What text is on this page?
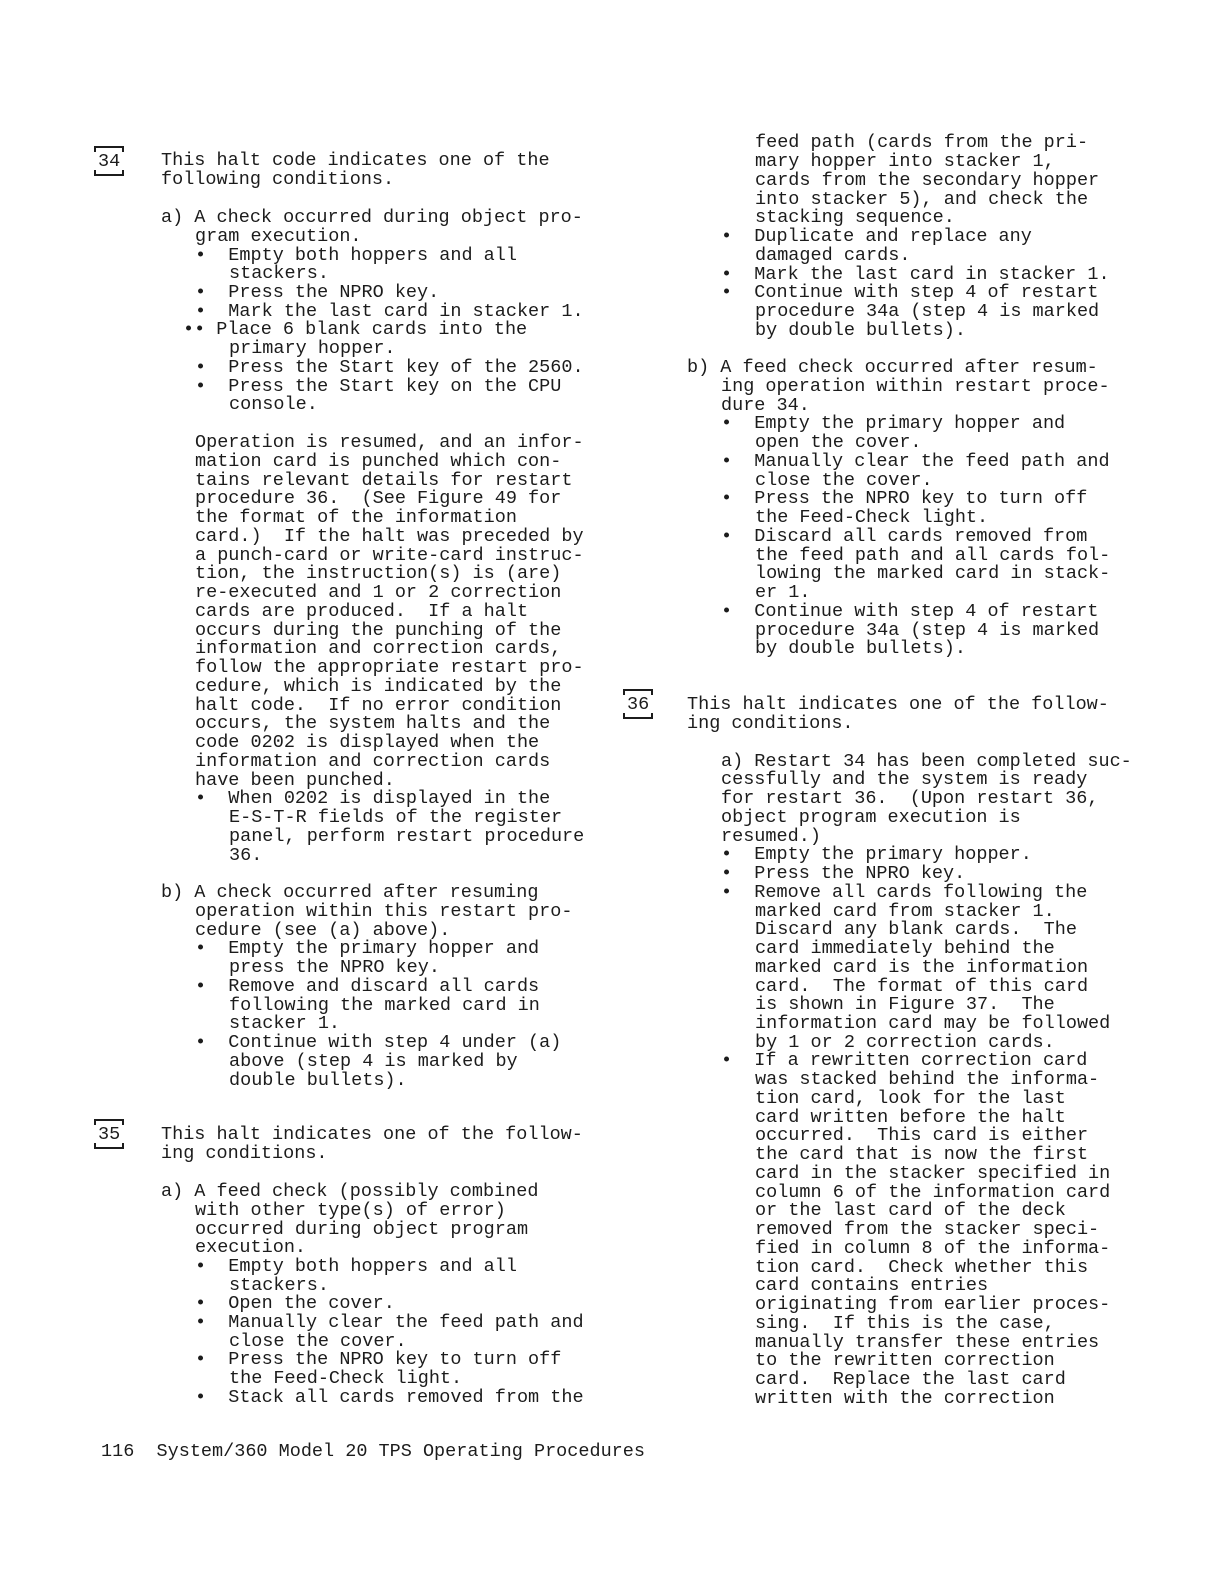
34
35
36
This halt code indicates one of the
following conditions.
a) A check occurred during object pro-
gram execution.
•  Empty both hoppers and all
stackers.
•  Press the NPRO key.
•  Mark the last card in stacker 1.
•• Place 6 blank cards into the
primary hopper.
•  Press the Start key of the 2560.
•  Press the Start key on the CPU
console.
Operation is resumed, and an infor-
mation card is punched which con-
tains relevant details for restart
procedure 36.  (See Figure 49 for
the format of the information
card.)  If the halt was preceded by
a punch-card or write-card instruc-
tion, the instruction(s) is (are)
re-executed and 1 or 2 correction
cards are produced.  If a halt
occurs during the punching of the
information and correction cards,
follow the appropriate restart pro-
cedure, which is indicated by the
halt code.  If no error condition
occurs, the system halts and the
code 0202 is displayed when the
information and correction cards
have been punched.
•  When 0202 is displayed in the
E-S-T-R fields of the register
panel, perform restart procedure
36.
b) A check occurred after resuming
operation within this restart pro-
cedure (see (a) above).
•  Empty the primary hopper and
press the NPRO key.
•  Remove and discard all cards
following the marked card in
stacker 1.
•  Continue with step 4 under (a)
above (step 4 is marked by
double bullets).
This halt indicates one of the follow-
ing conditions.
a) A feed check (possibly combined
with other type(s) of error)
occurred during object program
execution.
•  Empty both hoppers and all
stackers.
•  Open the cover.
•  Manually clear the feed path and
close the cover.
•  Press the NPRO key to turn off
the Feed-Check light.
•  Stack all cards removed from the
feed path (cards from the pri-
mary hopper into stacker 1,
cards from the secondary hopper
into stacker 5), and check the
stacking sequence.
•  Duplicate and replace any
damaged cards.
•  Mark the last card in stacker 1.
•  Continue with step 4 of restart
procedure 34a (step 4 is marked
by double bullets).
b) A feed check occurred after resum-
ing operation within restart proce-
dure 34.
•  Empty the primary hopper and
open the cover.
•  Manually clear the feed path and
close the cover.
•  Press the NPRO key to turn off
the Feed-Check light.
•  Discard all cards removed from
the feed path and all cards fol-
lowing the marked card in stack-
er 1.
•  Continue with step 4 of restart
procedure 34a (step 4 is marked
by double bullets).
This halt indicates one of the follow-
ing conditions.
a) Restart 34 has been completed suc-
cessfully and the system is ready
for restart 36.  (Upon restart 36,
object program execution is
resumed.)
•  Empty the primary hopper.
•  Press the NPRO key.
•  Remove all cards following the
marked card from stacker 1.
Discard any blank cards.  The
card immediately behind the
marked card is the information
card.  The format of this card
is shown in Figure 37.  The
information card may be followed
by 1 or 2 correction cards.
•  If a rewritten correction card
was stacked behind the informa-
tion card, look for the last
card written before the halt
occurred.  This card is either
the card that is now the first
card in the stacker specified in
column 6 of the information card
or the last card of the deck
removed from the stacker speci-
fied in column 8 of the informa-
tion card.  Check whether this
card contains entries
originating from earlier proces-
sing.  If this is the case,
manually transfer these entries
to the rewritten correction
card.  Replace the last card
written with the correction
116  System/360 Model 20 TPS Operating Procedures
